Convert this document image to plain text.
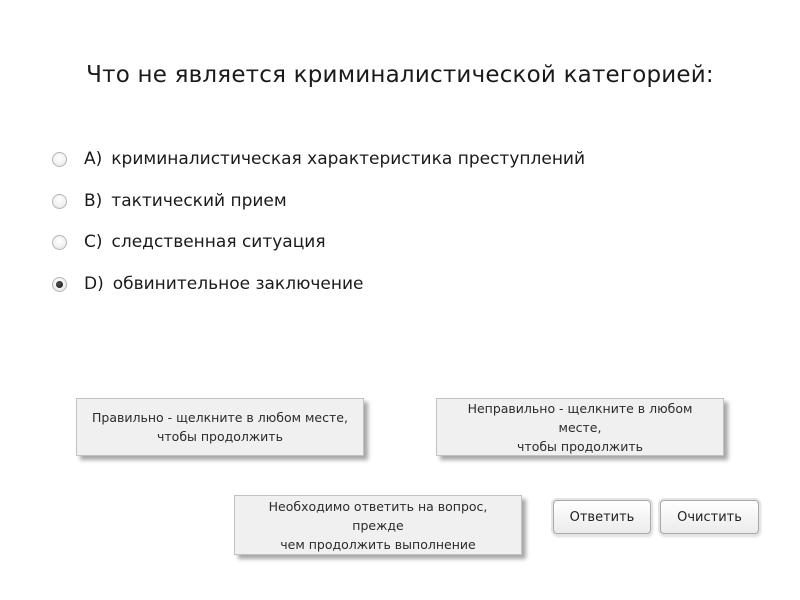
Что не является криминалистической категорией:
A) криминалистическая характеристика преступлений
B) тактический прием
C) следственная ситуация
D) обвинительное заключение
Правильно - щелкните в любом месте,
чтобы продолжить
Неправильно - щелкните в любом месте,
чтобы продолжить
Необходимо ответить на вопрос, прежде
чем продолжить выполнение
Ответить	Очистить
